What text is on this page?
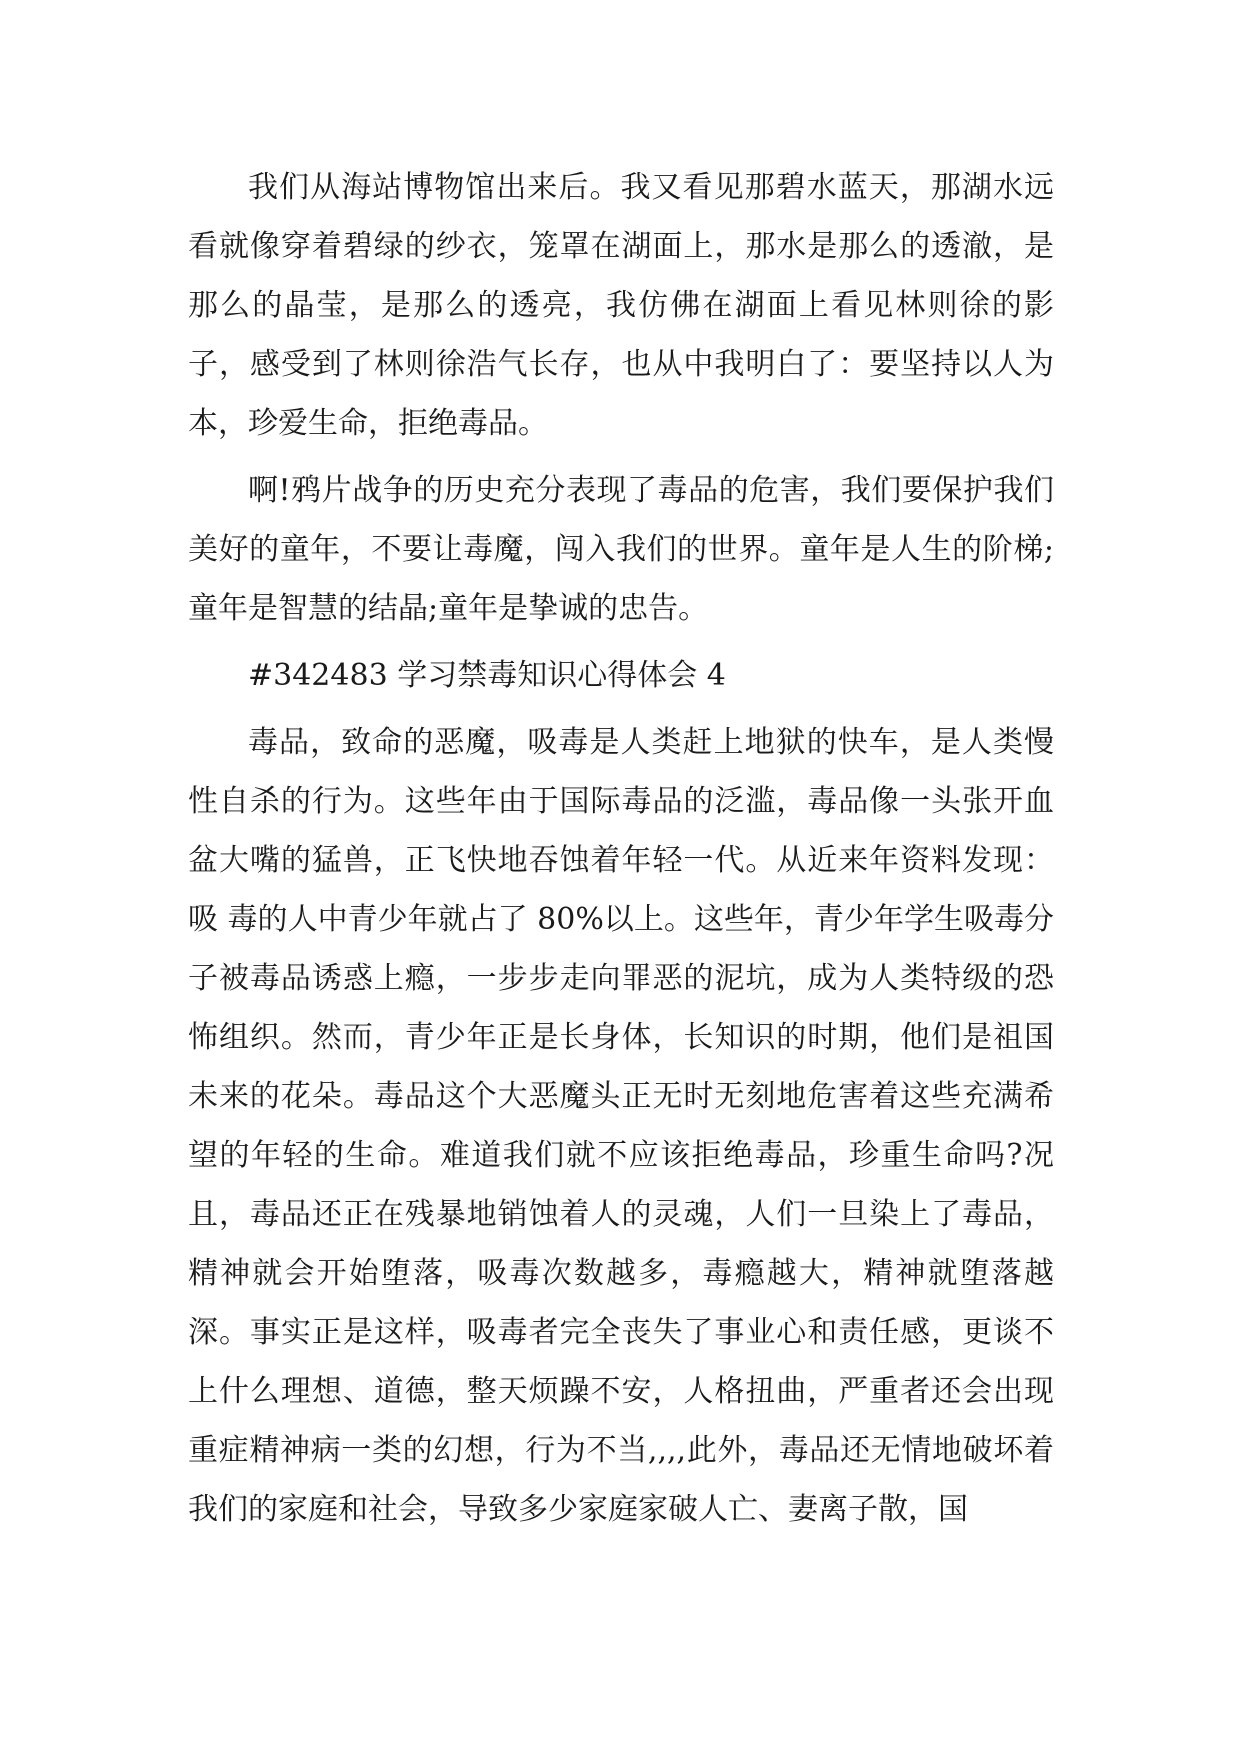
我们从海站博物馆出来后。我又看见那碧水蓝天，那湖水远看就像穿着碧绿的纱衣，笼罩在湖面上，那水是那么的透澈，是那么的晶莹，是那么的透亮，我仿佛在湖面上看见林则徐的影子，感受到了林则徐浩气长存，也从中我明白了：要坚持以人为本，珍爱生命，拒绝毒品。

啊!鸦片战争的历史充分表现了毒品的危害，我们要保护我们美好的童年，不要让毒魔，闯入我们的世界。童年是人生的阶梯;童年是智慧的结晶;童年是挚诚的忠告。

#342483 学习禁毒知识心得体会 4

毒品，致命的恶魔，吸毒是人类赶上地狱的快车，是人类慢性自杀的行为。这些年由于国际毒品的泛滥，毒品像一头张开血盆大嘴的猛兽，正飞快地吞蚀着年轻一代。从近来年资料发现：吸 毒的人中青少年就占了 80%以上。这些年，青少年学生吸毒分子被毒品诱惑上瘾，一步步走向罪恶的泥坑，成为人类特级的恐怖组织。然而，青少年正是长身体，长知识的时期，他们是祖国未来的花朵。毒品这个大恶魔头正无时无刻地危害着这些充满希望的年轻的生命。难道我们就不应该拒绝毒品，珍重生命吗?况且，毒品还正在残暴地销蚀着人的灵魂，人们一旦染上了毒品，精神就会开始堕落，吸毒次数越多，毒瘾越大，精神就堕落越深。事实正是这样，吸毒者完全丧失了事业心和责任感，更谈不上什么理想、道德，整天烦躁不安，人格扭曲，严重者还会出现重症精神病一类的幻想，行为不当,,,,此外，毒品还无情地破坏着我们的家庭和社会，导致多少家庭家破人亡、妻离子散，国
